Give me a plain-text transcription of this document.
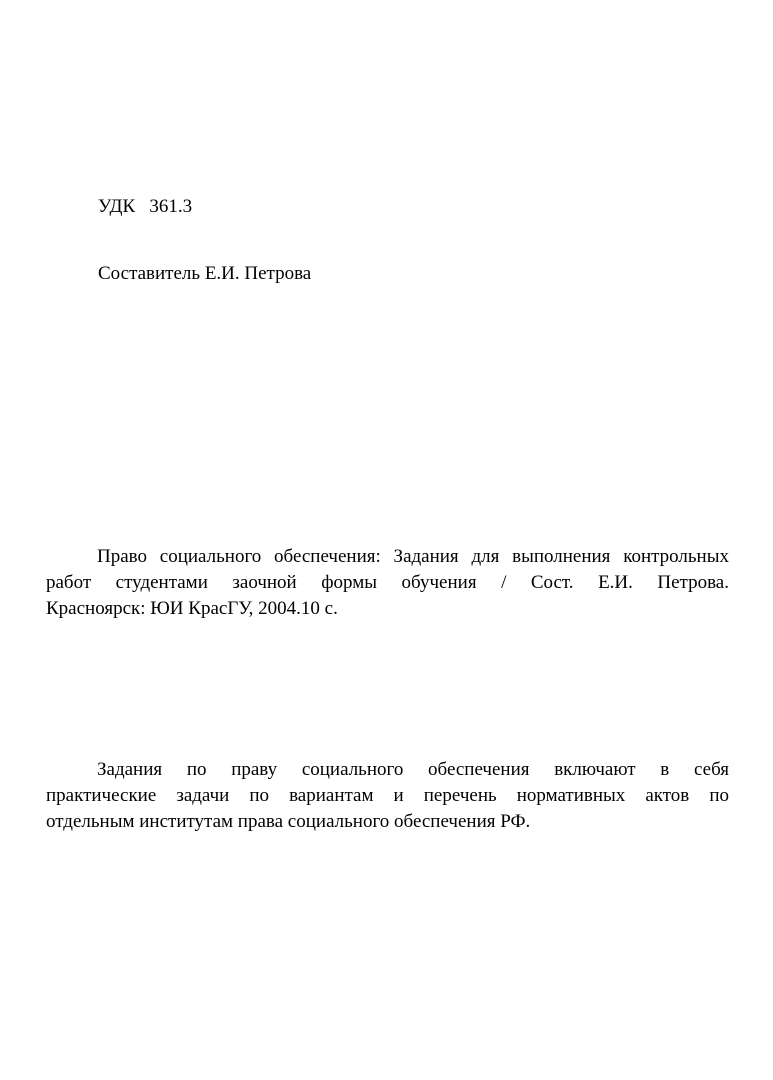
УДК   361.3

Составитель Е.И. Петрова

Право социального обеспечения: Задания для выполнения контрольных
работ студентами заочной формы обучения / Сост. Е.И. Петрова.
Красноярск: ЮИ КрасГУ, 2004.10 с.
Задания по праву социального обеспечения включают в себя
практические задачи по вариантам и перечень нормативных актов по
отдельным институтам права социального обеспечения РФ.
